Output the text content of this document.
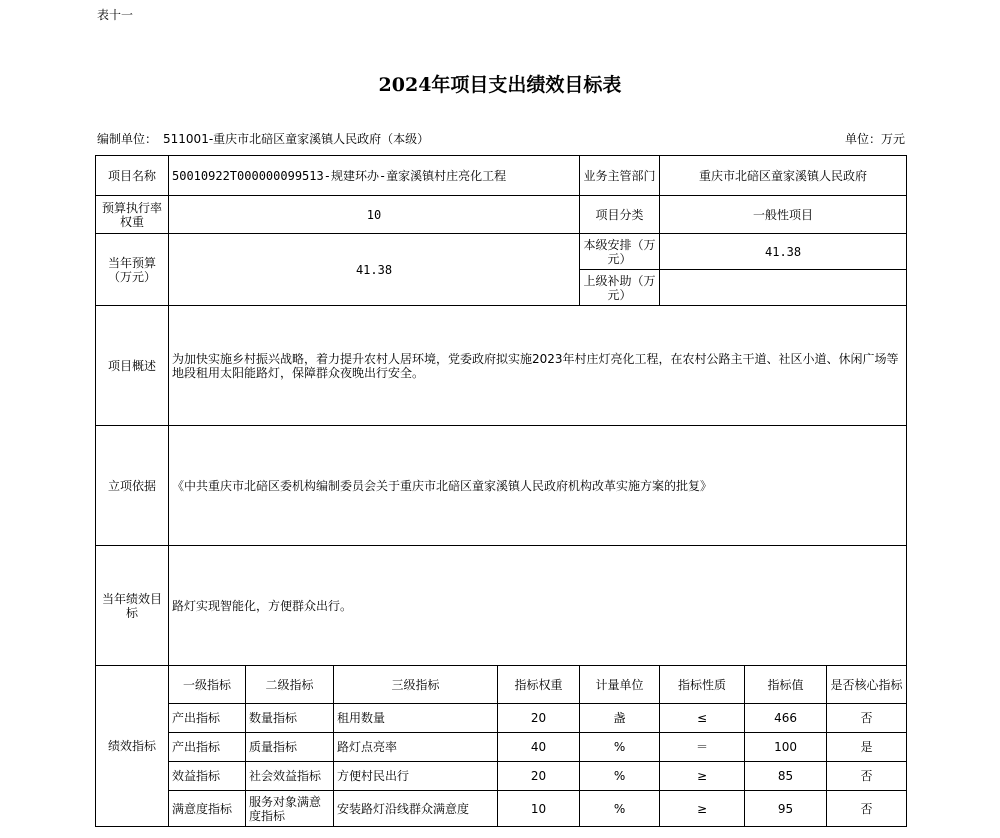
表十一
2024年项目支出绩效目标表
编制单位： 511001-重庆市北碚区童家溪镇人民政府（本级）	单位：万元
项目名称	50010922T000000099513-规建环办-童家溪镇村庄亮化工程				业务主管部门	重庆市北碚区童家溪镇人民政府		
预算执行率权重	10				项目分类	一般性项目		
当年预算（万元）	41.38				本级安排（万元）	41.38		
					上级补助（万元）			
项目概述	为加快实施乡村振兴战略，着力提升农村人居环境，党委政府拟实施2023年村庄灯亮化工程，在农村公路主干道、社区小道、休闲广场等地段租用太阳能路灯，保障群众夜晚出行安全。							
立项依据	《中共重庆市北碚区委机构编制委员会关于重庆市北碚区童家溪镇人民政府机构改革实施方案的批复》							
当年绩效目标	路灯实现智能化，方便群众出行。							
绩效指标	一级指标	二级指标	三级指标	指标权重	计量单位	指标性质	指标值	是否核心指标
	产出指标	数量指标	租用数量	20	盏	≤	466	否
	产出指标	质量指标	路灯点亮率	40	%	＝	100	是
	效益指标	社会效益指标	方便村民出行	20	%	≥	85	否
	满意度指标	服务对象满意度指标	安装路灯沿线群众满意度	10	%	≥	95	否
